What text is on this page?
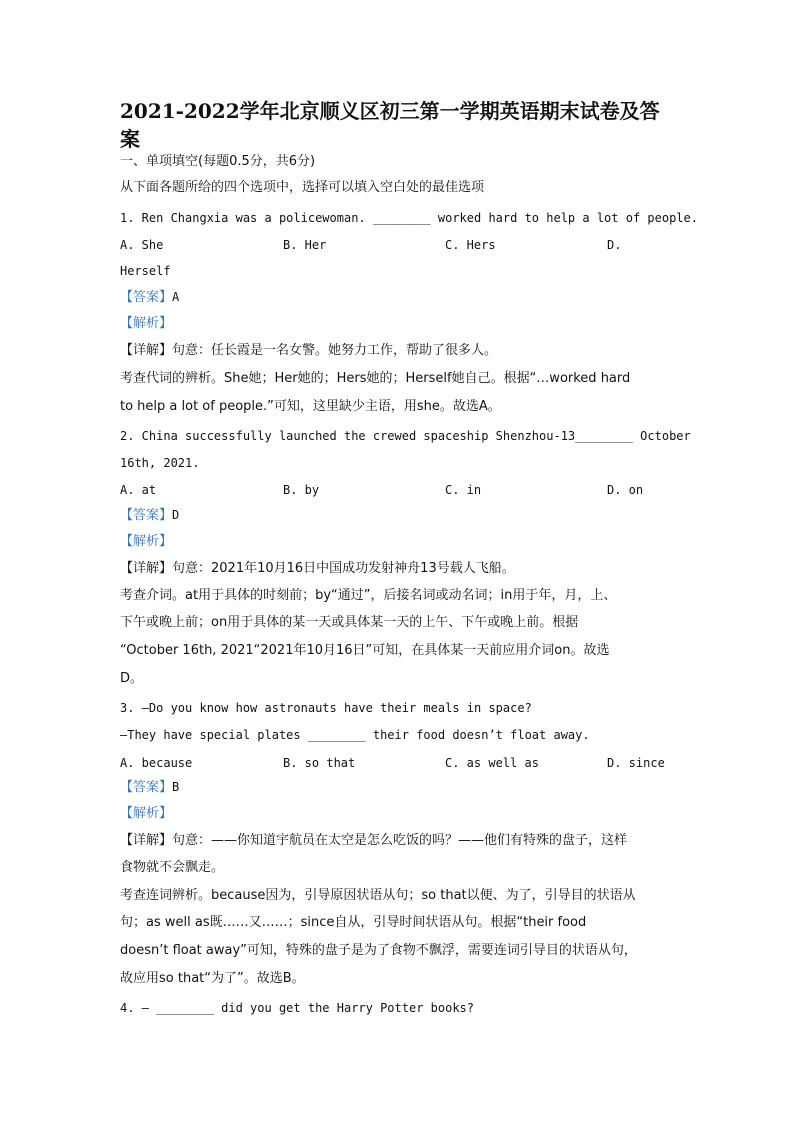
2021-2022学年北京顺义区初三第一学期英语期末试卷及答
案
一、单项填空(每题0.5分，共6分)
从下面各题所给的四个选项中，选择可以填入空白处的最佳选项
1. Ren Changxia was a policewoman. ________ worked hard to help a lot of people.
A. She	B. Her	C. Hers	D.
Herself
【答案】A
【解析】
【详解】句意：任长霞是一名女警。她努力工作，帮助了很多人。
考查代词的辨析。She她；Her她的；Hers她的；Herself她自己。根据“…worked hard
to help a lot of people.”可知，这里缺少主语，用she。故选A。
2. China successfully launched the crewed spaceship Shenzhou-13________ October
16th, 2021.
A. at	B. by	C. in	D. on
【答案】D
【解析】
【详解】句意：2021年10月16日中国成功发射神舟13号载人飞船。
考查介词。at用于具体的时刻前；by“通过”，后接名词或动名词；in用于年，月，上、
下午或晚上前；on用于具体的某一天或具体某一天的上午、下午或晚上前。根据
“October 16th, 2021“2021年10月16日”可知，在具体某一天前应用介词on。故选
D。
3. —Do you know how astronauts have their meals in space?
—They have special plates ________ their food doesn’t float away.
A. because	B. so that	C. as well as	D. since
【答案】B
【解析】
【详解】句意：——你知道宇航员在太空是怎么吃饭的吗？——他们有特殊的盘子，这样
食物就不会飘走。
考查连词辨析。because因为，引导原因状语从句；so that以便、为了，引导目的状语从
句；as well as既……又……；since自从，引导时间状语从句。根据“their food
doesn’t float away”可知，特殊的盘子是为了食物不飘浮，需要连词引导目的状语从句，
故应用so that“为了”。故选B。
4. — ________ did you get the Harry Potter books?
